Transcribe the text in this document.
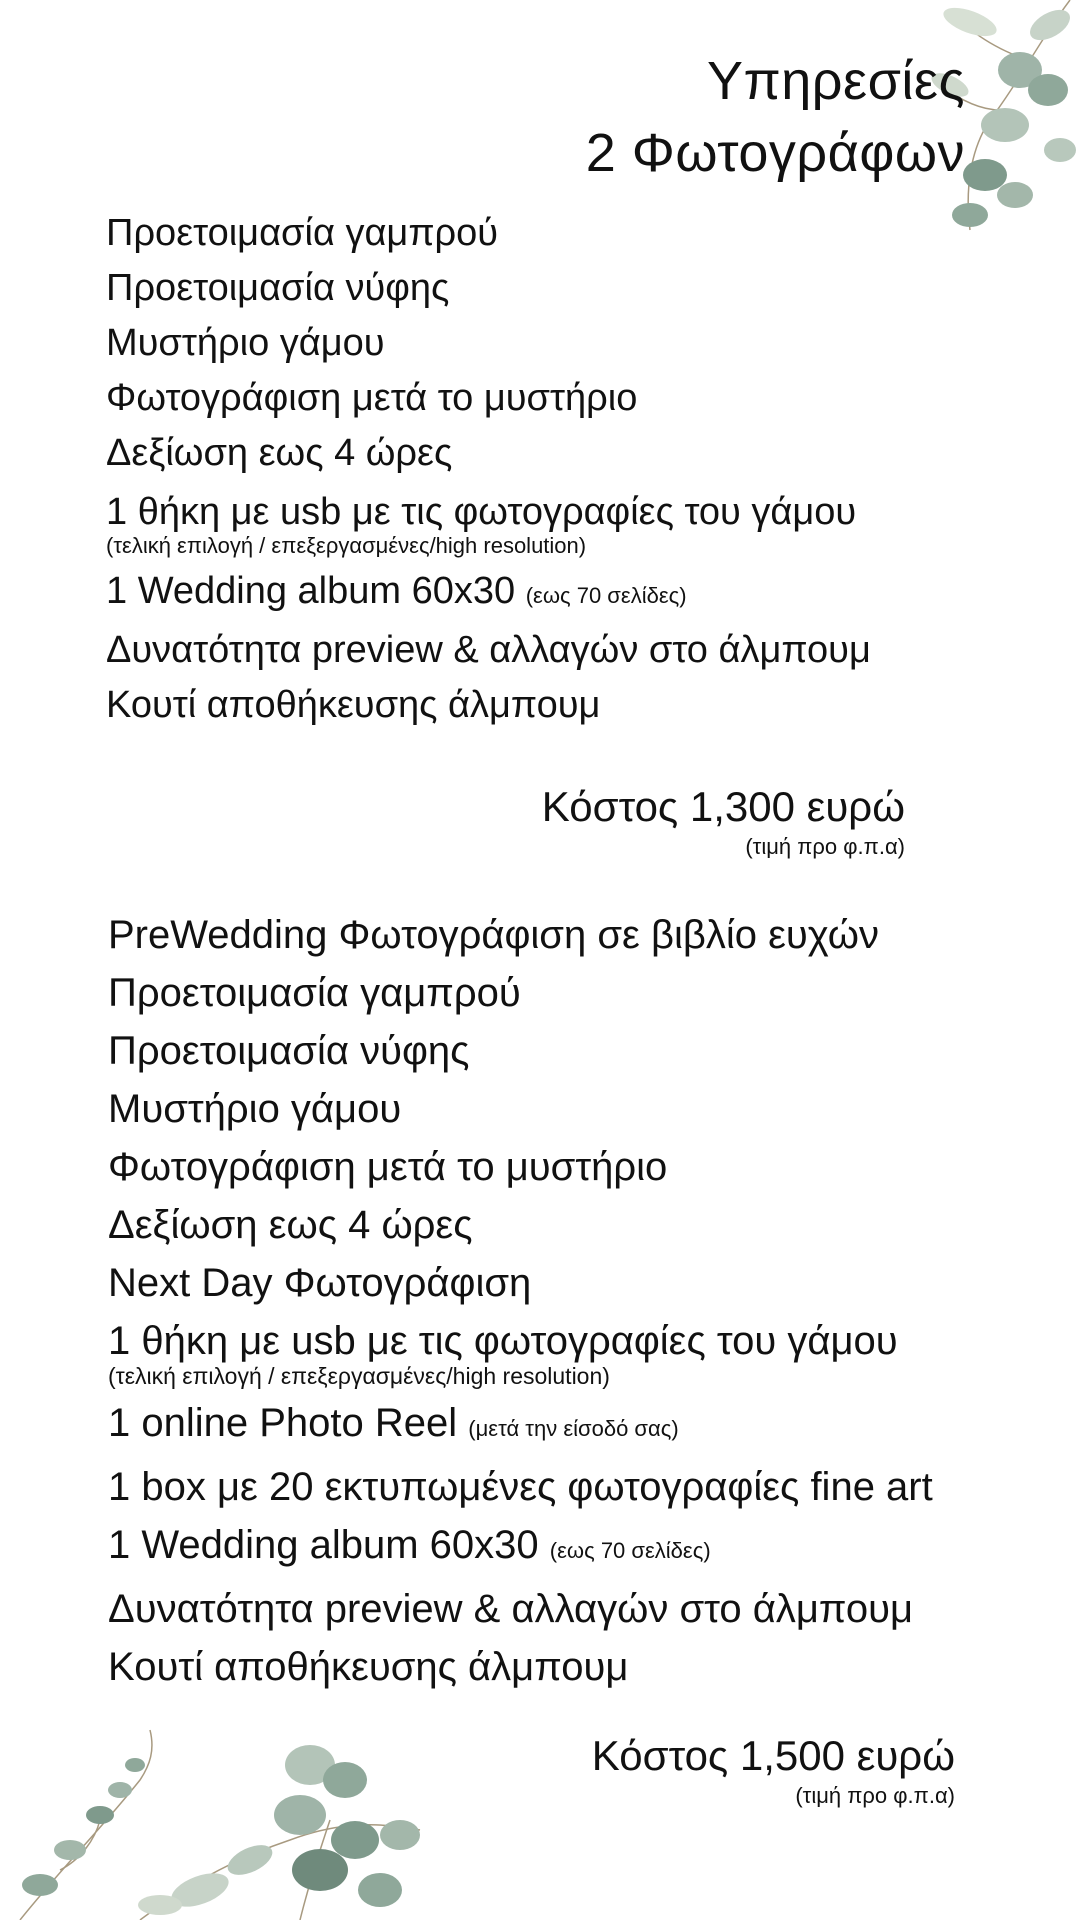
Υπηρεσίες
2 Φωτογράφων
Προετοιμασία γαμπρού
Προετοιμασία νύφης
Μυστήριο γάμου
Φωτογράφιση μετά το μυστήριο
Δεξίωση εως 4 ώρες
1 θήκη με usb με τις φωτογραφίες του γάμου
(τελική επιλογή / επεξεργασμένες/high resolution)
1 Wedding album 60x30 (εως 70 σελίδες)
Δυνατότητα preview & αλλαγών στο άλμπουμ
Κουτί αποθήκευσης άλμπουμ
Κόστος 1,300 ευρώ
(τιμή προ φ.π.α)
PreWedding Φωτογράφιση σε βιβλίο ευχών
Προετοιμασία γαμπρού
Προετοιμασία νύφης
Μυστήριο γάμου
Φωτογράφιση μετά το μυστήριο
Δεξίωση εως 4 ώρες
Next Day Φωτογράφιση
1 θήκη με usb με τις φωτογραφίες του γάμου
(τελική επιλογή / επεξεργασμένες/high resolution)
1 online Photo Reel (μετά την είσοδό σας)
1 box με 20 εκτυπωμένες φωτογραφίες fine art
1 Wedding album 60x30 (εως 70 σελίδες)
Δυνατότητα preview & αλλαγών στο άλμπουμ
Κουτί αποθήκευσης άλμπουμ
Κόστος 1,500 ευρώ
(τιμή προ φ.π.α)
